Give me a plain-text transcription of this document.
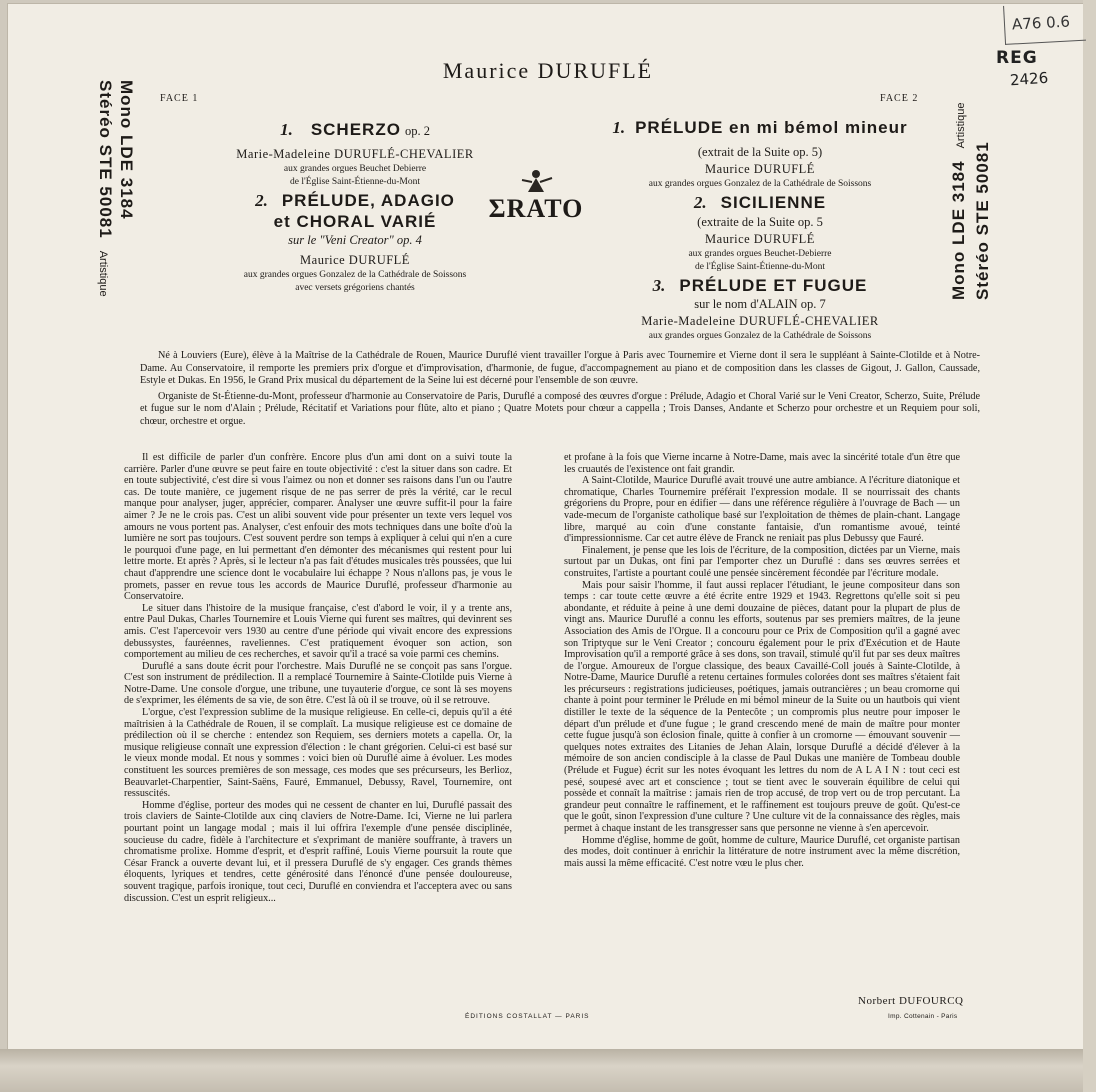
A76 0.6
REG
2426
Maurice DURUFLÉ
FACE 1	FACE 2
Mono LDE 3184
Stéréo STE 50081Artistique	Mono LDE 3184Artistique
Stéréo STE 50081
1. SCHERZO op. 2
Marie-Madeleine DURUFLÉ-CHEVALIER
aux grandes orgues Beuchet Debierre
de l'Église Saint-Étienne-du-Mont
2. PRÉLUDE, ADAGIO
et CHORAL VARIÉ
sur le "Veni Creator" op. 4
Maurice DURUFLÉ
aux grandes orgues Gonzalez de la Cathédrale de Soissons
avec versets grégoriens chantés
ΣRATO
1. PRÉLUDE en mi bémol mineur
(extrait de la Suite op. 5)
Maurice DURUFLÉ
aux grandes orgues Gonzalez de la Cathédrale de Soissons
2. SICILIENNE
(extraite de la Suite op. 5
Maurice DURUFLÉ
aux grandes orgues Beuchet-Debierre
de l'Église Saint-Étienne-du-Mont
3. PRÉLUDE ET FUGUE
sur le nom d'ALAIN op. 7
Marie-Madeleine DURUFLÉ-CHEVALIER
aux grandes orgues Gonzalez de la Cathédrale de Soissons

Né à Louviers (Eure), élève à la Maîtrise de la Cathédrale de Rouen, Maurice Duruflé vient travailler l'orgue à Paris avec Tournemire et Vierne dont il sera le suppléant à Sainte-Clotilde et à Notre-Dame. Au Conservatoire, il remporte les premiers prix d'orgue et d'improvisation, d'harmonie, de fugue, d'accompagnement au piano et de composition dans les classes de Gigout, J. Gallon, Caussade, Estyle et Dukas. En 1956, le Grand Prix musical du département de la Seine lui est décerné pour l'ensemble de son œuvre.

Organiste de St-Étienne-du-Mont, professeur d'harmonie au Conservatoire de Paris, Duruflé a composé des œuvres d'orgue : Prélude, Adagio et Choral Varié sur le Veni Creator, Scherzo, Suite, Prélude et fugue sur le nom d'Alain ; Prélude, Récitatif et Variations pour flûte, alto et piano ; Quatre Motets pour chœur a cappella ; Trois Danses, Andante et Scherzo pour orchestre et un Requiem pour soli, chœur, orchestre et orgue.

Il est difficile de parler d'un confrère. Encore plus d'un ami dont on a suivi toute la carrière. Parler d'une œuvre se peut faire en toute objectivité : c'est la situer dans son cadre. Et en toute subjectivité, c'est dire si vous l'aimez ou non et donner ses raisons dans l'un ou l'autre cas. De toute manière, ce jugement risque de ne pas serrer de près la vérité, car le recul manque pour analyser, juger, apprécier, comparer. Analyser une œuvre suffit-il pour la faire aimer ? Je ne le crois pas. C'est un alibi souvent vide pour présenter un texte vers lequel vos amours ne vous portent pas. Analyser, c'est enfouir des mots techniques dans une boîte d'où la lumière ne sort pas toujours. C'est souvent perdre son temps à expliquer à celui qui n'en a cure le pourquoi d'une page, en lui permettant d'en démonter des mécanismes qui restent pour lui lettre morte. Et après ? Après, si le lecteur n'a pas fait d'études musicales très poussées, que lui chaut d'apprendre une science dont le vocabulaire lui échappe ? Nous n'allons pas, je vous le promets, passer en revue tous les accords de Maurice Duruflé, professeur d'harmonie au Conservatoire.

Le situer dans l'histoire de la musique française, c'est d'abord le voir, il y a trente ans, entre Paul Dukas, Charles Tournemire et Louis Vierne qui furent ses maîtres, qui devinrent ses amis. C'est l'apercevoir vers 1930 au centre d'une période qui vivait encore des expressions debussystes, fauréennes, raveliennes. C'est pratiquement évoquer son action, son comportement au milieu de ces recherches, et savoir qu'il a tracé sa voie parmi ces chemins.

Duruflé a sans doute écrit pour l'orchestre. Mais Duruflé ne se conçoit pas sans l'orgue. C'est son instrument de prédilection. Il a remplacé Tournemire à Sainte-Clotilde puis Vierne à Notre-Dame. Une console d'orgue, une tribune, une tuyauterie d'orgue, ce sont là ses moyens de s'exprimer, les éléments de sa vie, de son être. C'est là où il se trouve, où il se retrouve.

L'orgue, c'est l'expression sublime de la musique religieuse. En celle-ci, depuis qu'il a été maîtrisien à la Cathédrale de Rouen, il se complaît. La musique religieuse est ce domaine de prédilection où il se cherche : entendez son Requiem, ses derniers motets a capella. Or, la musique religieuse connaît une expression d'élection : le chant grégorien. Celui-ci est basé sur le vieux monde modal. Et nous y sommes : voici bien où Duruflé aime à évoluer. Les modes constituent les sources premières de son message, ces modes que ses précurseurs, les Berlioz, Beauvarlet-Charpentier, Saint-Saëns, Fauré, Emmanuel, Debussy, Ravel, Tournemire, ont ressuscités.

Homme d'église, porteur des modes qui ne cessent de chanter en lui, Duruflé passait des trois claviers de Sainte-Clotilde aux cinq claviers de Notre-Dame. Ici, Vierne ne lui parlera pourtant point un langage modal ; mais il lui offrira l'exemple d'une pensée disciplinée, soucieuse du cadre, fidèle à l'architecture et s'exprimant de manière souffrante, à travers un chromatisme prolixe. Homme d'esprit, et d'esprit raffiné, Louis Vierne poursuit la route que César Franck a ouverte devant lui, et il pressera Duruflé de s'y engager. Ces grands thèmes éloquents, lyriques et tendres, cette générosité dans l'énoncé d'une pensée douloureuse, souvent tragique, parfois ironique, tout ceci, Duruflé en conviendra et l'acceptera avec ou sans discussion. C'est un esprit religieux...

et profane à la fois que Vierne incarne à Notre-Dame, mais avec la sincérité totale d'un être que les cruautés de l'existence ont fait grandir.

A Saint-Clotilde, Maurice Duruflé avait trouvé une autre ambiance. A l'écriture diatonique et chromatique, Charles Tournemire préférait l'expression modale. Il se nourrissait des chants grégoriens du Propre, pour en édifier — dans une référence régulière à l'ouvrage de Bach — un vade-mecum de l'organiste catholique basé sur l'exploitation de thèmes de plain-chant. Langage libre, marqué au coin d'une constante fantaisie, d'un romantisme avoué, teinté d'impressionnisme. Car cet autre élève de Franck ne reniait pas plus Debussy que Fauré.

Finalement, je pense que les lois de l'écriture, de la composition, dictées par un Vierne, mais surtout par un Dukas, ont fini par l'emporter chez un Duruflé : dans ses œuvres serrées et construites, l'artiste a pourtant coulé une pensée sincèrement fécondée par l'écriture modale.

Mais pour saisir l'homme, il faut aussi replacer l'étudiant, le jeune compositeur dans son temps : car toute cette œuvre a été écrite entre 1929 et 1943. Regrettons qu'elle soit si peu abondante, et réduite à peine à une demi douzaine de pièces, datant pour la plupart de plus de vingt ans. Maurice Duruflé a connu les efforts, soutenus par ses premiers maîtres, de la jeune Association des Amis de l'Orgue. Il a concouru pour ce Prix de Composition qu'il a gagné avec son Triptyque sur le Veni Creator ; concouru également pour le prix d'Exécution et de Haute Improvisation qu'il a remporté grâce à ses dons, son travail, stimulé qu'il fut par ses deux maîtres de l'orgue. Amoureux de l'orgue classique, des beaux Cavaillé-Coll joués à Sainte-Clotilde, à Notre-Dame, Maurice Duruflé a retenu certaines formules colorées dont ses maîtres s'étaient fait les précurseurs : registrations judicieuses, poétiques, jamais outrancières ; un beau cromorne qui chante à point pour terminer le Prélude en mi bémol mineur de la Suite ou un hautbois qui vient distiller le texte de la séquence de la Pentecôte ; un compromis plus neutre pour imposer le départ d'un prélude et d'une fugue ; le grand crescendo mené de main de maître pour monter cette fugue jusqu'à son éclosion finale, quitte à confier à un cromorne — émouvant souvenir — quelques notes extraites des Litanies de Jehan Alain, lorsque Duruflé a décidé d'élever à la mémoire de son ancien condisciple à la classe de Paul Dukas une manière de Tombeau double (Prélude et Fugue) écrit sur les notes évoquant les lettres du nom de A L A I N : tout ceci est pesé, soupesé avec art et conscience ; tout se tient avec le souverain équilibre de celui qui possède et connaît la maîtrise : jamais rien de trop accusé, de trop vert ou de trop percutant. La grandeur peut connaître le raffinement, et le raffinement est toujours preuve de goût. Qu'est-ce que le goût, sinon l'expression d'une culture ? Une culture vit de la connaissance des règles, mais permet à chaque instant de les transgresser sans que personne ne vienne à s'en apercevoir.

Homme d'église, homme de goût, homme de culture, Maurice Duruflé, cet organiste partisan des modes, doit continuer à enrichir la littérature de notre instrument avec la même discrétion, mais aussi la même efficacité. C'est notre vœu le plus cher.

Norbert DUFOURCQ
ÉDITIONS COSTALLAT — PARIS	Imp. Cottenain - Paris
